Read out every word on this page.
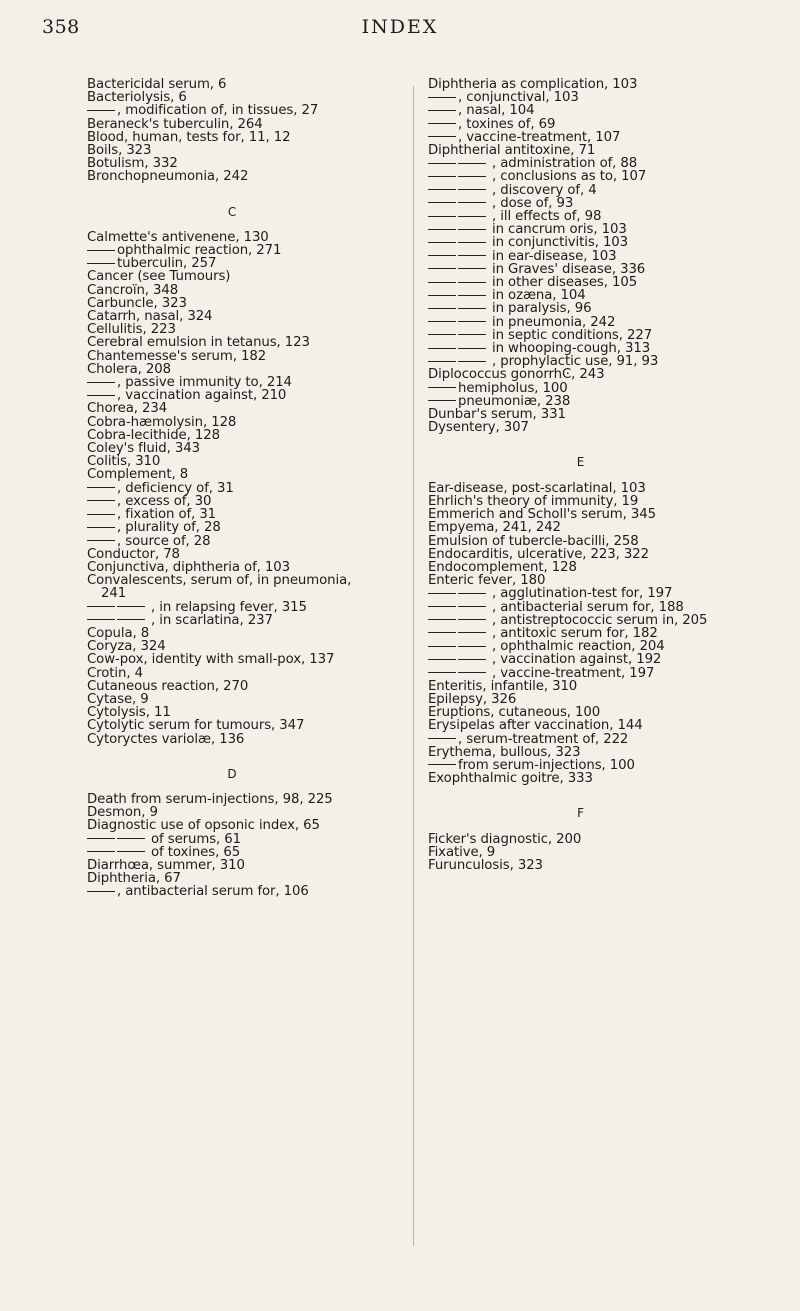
358	INDEX
Bactericidal serum, 6
Bacteriolysis, 6
, modification of, in tissues, 27
Beraneck's tuberculin, 264
Blood, human, tests for, 11, 12
Boils, 323
Botulism, 332
Bronchopneumonia, 242
C
Calmette's antivenene, 130
ophthalmic reaction, 271
tuberculin, 257
Cancer (see Tumours)
Cancroïn, 348
Carbuncle, 323
Catarrh, nasal, 324
Cellulitis, 223
Cerebral emulsion in tetanus, 123
Chantemesse's serum, 182
Cholera, 208
, passive immunity to, 214
, vaccination against, 210
Chorea, 234
Cobra-hæmolysin, 128
Cobra-lecithide, 128
Coley's fluid, 343
Colitis, 310
Complement, 8
, deficiency of, 31
, excess of, 30
, fixation of, 31
, plurality of, 28
, source of, 28
Conductor, 78
Conjunctiva, diphtheria of, 103
Convalescents, serum of, in pneumonia, 241
, in relapsing fever, 315
, in scarlatina, 237
Copula, 8
Coryza, 324
Cow-pox, identity with small-pox, 137
Crotin, 4
Cutaneous reaction, 270
Cytase, 9
Cytolysis, 11
Cytolytic serum for tumours, 347
Cytoryctes variolæ, 136
D
Death from serum-injections, 98, 225
Desmon, 9
Diagnostic use of opsonic index, 65
of serums, 61
of toxines, 65
Diarrhœa, summer, 310
Diphtheria, 67
, antibacterial serum for, 106
Diphtheria as complication, 103
, conjunctival, 103
, nasal, 104
, toxines of, 69
, vaccine-treatment, 107
Diphtherial antitoxine, 71
, administration of, 88
, conclusions as to, 107
, discovery of, 4
, dose of, 93
, ill effects of, 98
in cancrum oris, 103
in conjunctivitis, 103
in ear-disease, 103
in Graves' disease, 336
in other diseases, 105
in ozæna, 104
in paralysis, 96
in pneumonia, 242
in septic conditions, 227
in whooping-cough, 313
, prophylactic use, 91, 93
Diplococcus gonorrhϾ, 243
hemipholus, 100
pneumoniæ, 238
Dunbar's serum, 331
Dysentery, 307
E
Ear-disease, post-scarlatinal, 103
Ehrlich's theory of immunity, 19
Emmerich and Scholl's serum, 345
Empyema, 241, 242
Emulsion of tubercle-bacilli, 258
Endocarditis, ulcerative, 223, 322
Endocomplement, 128
Enteric fever, 180
, agglutination-test for, 197
, antibacterial serum for, 188
, antistreptococcic serum in, 205
, antitoxic serum for, 182
, ophthalmic reaction, 204
, vaccination against, 192
, vaccine-treatment, 197
Enteritis, infantile, 310
Epilepsy, 326
Eruptions, cutaneous, 100
Erysipelas after vaccination, 144
, serum-treatment of, 222
Erythema, bullous, 323
from serum-injections, 100
Exophthalmic goitre, 333
F
Ficker's diagnostic, 200
Fixative, 9
Furunculosis, 323
